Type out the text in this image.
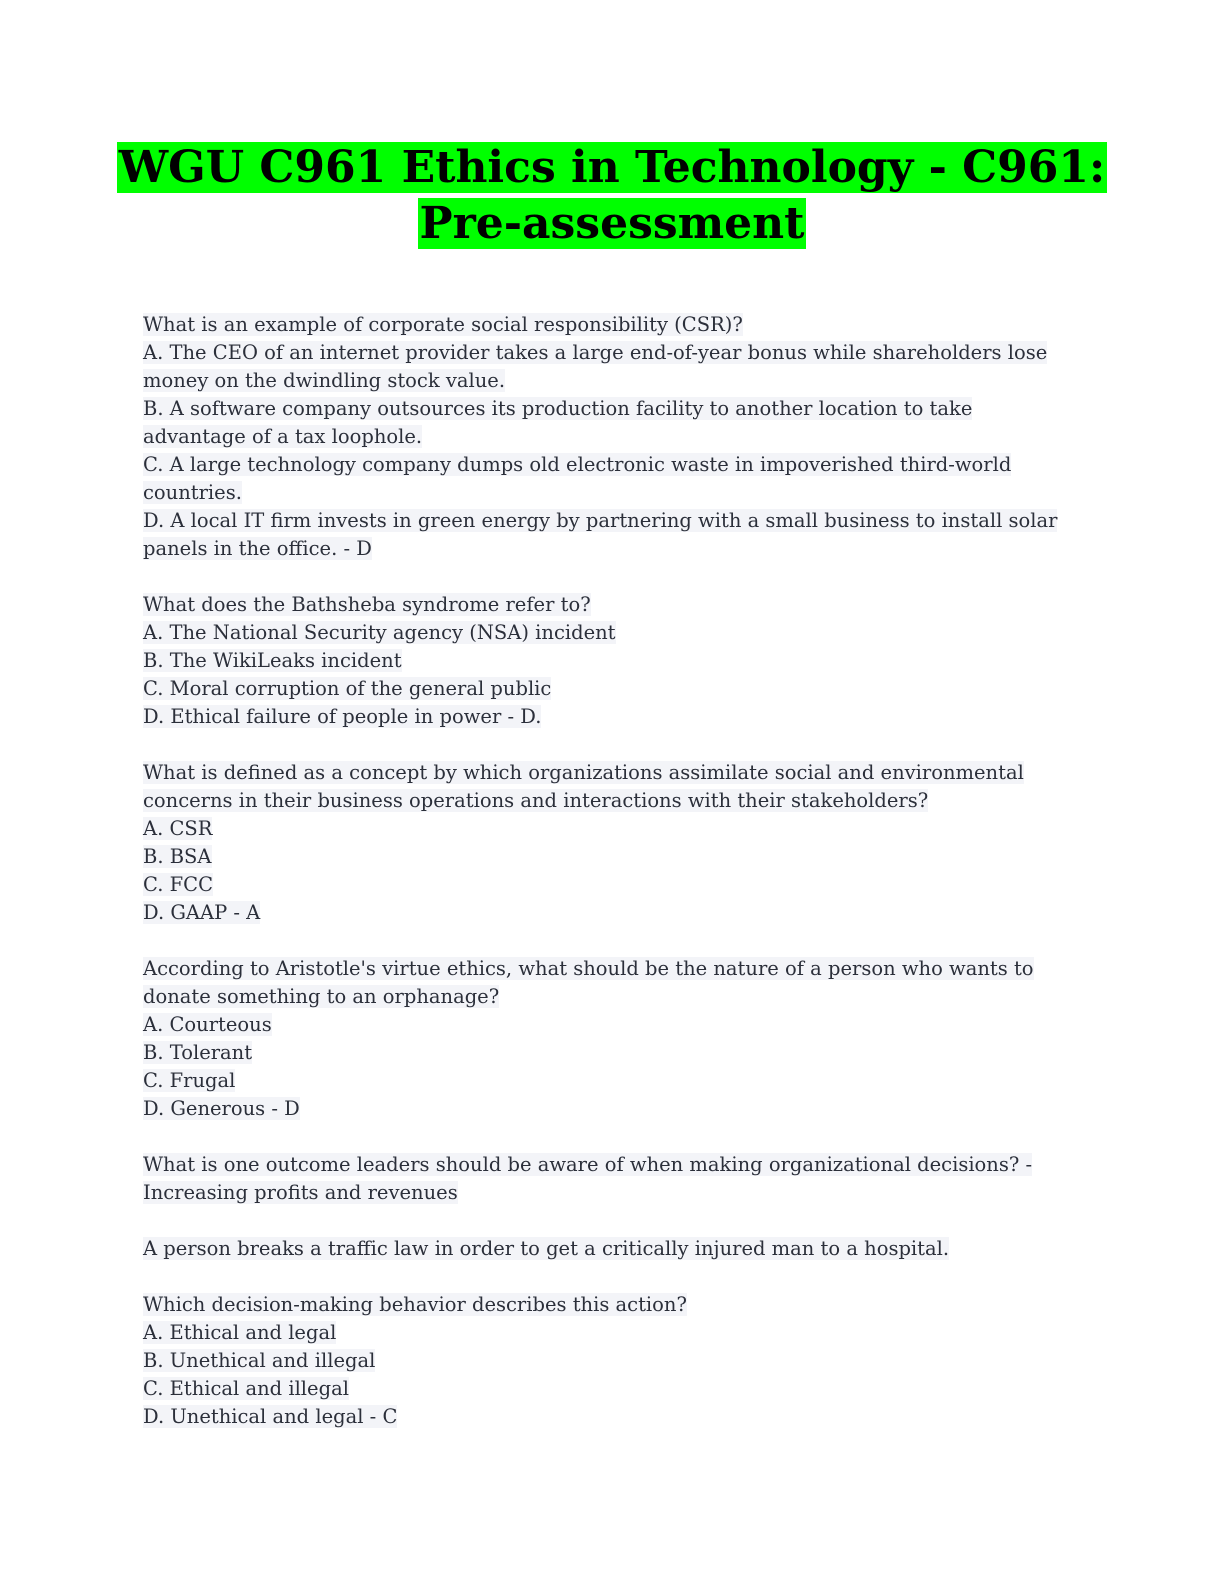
WGU C961 Ethics in Technology - C961:
Pre-assessment

What is an example of corporate social responsibility (CSR)?

A. The CEO of an internet provider takes a large end-of-year bonus while shareholders lose

money on the dwindling stock value.

B. A software company outsources its production facility to another location to take

advantage of a tax loophole.

C. A large technology company dumps old electronic waste in impoverished third-world

countries.

D. A local IT firm invests in green energy by partnering with a small business to install solar

panels in the office. - D

What does the Bathsheba syndrome refer to?

A. The National Security agency (NSA) incident

B. The WikiLeaks incident

C. Moral corruption of the general public

D. Ethical failure of people in power - D.

What is defined as a concept by which organizations assimilate social and environmental

concerns in their business operations and interactions with their stakeholders?

A. CSR

B. BSA

C. FCC

D. GAAP - A

According to Aristotle's virtue ethics, what should be the nature of a person who wants to

donate something to an orphanage?

A. Courteous

B. Tolerant

C. Frugal

D. Generous - D

What is one outcome leaders should be aware of when making organizational decisions? -

Increasing profits and revenues

A person breaks a traffic law in order to get a critically injured man to a hospital.

Which decision-making behavior describes this action?

A. Ethical and legal

B. Unethical and illegal

C. Ethical and illegal

D. Unethical and legal - C
